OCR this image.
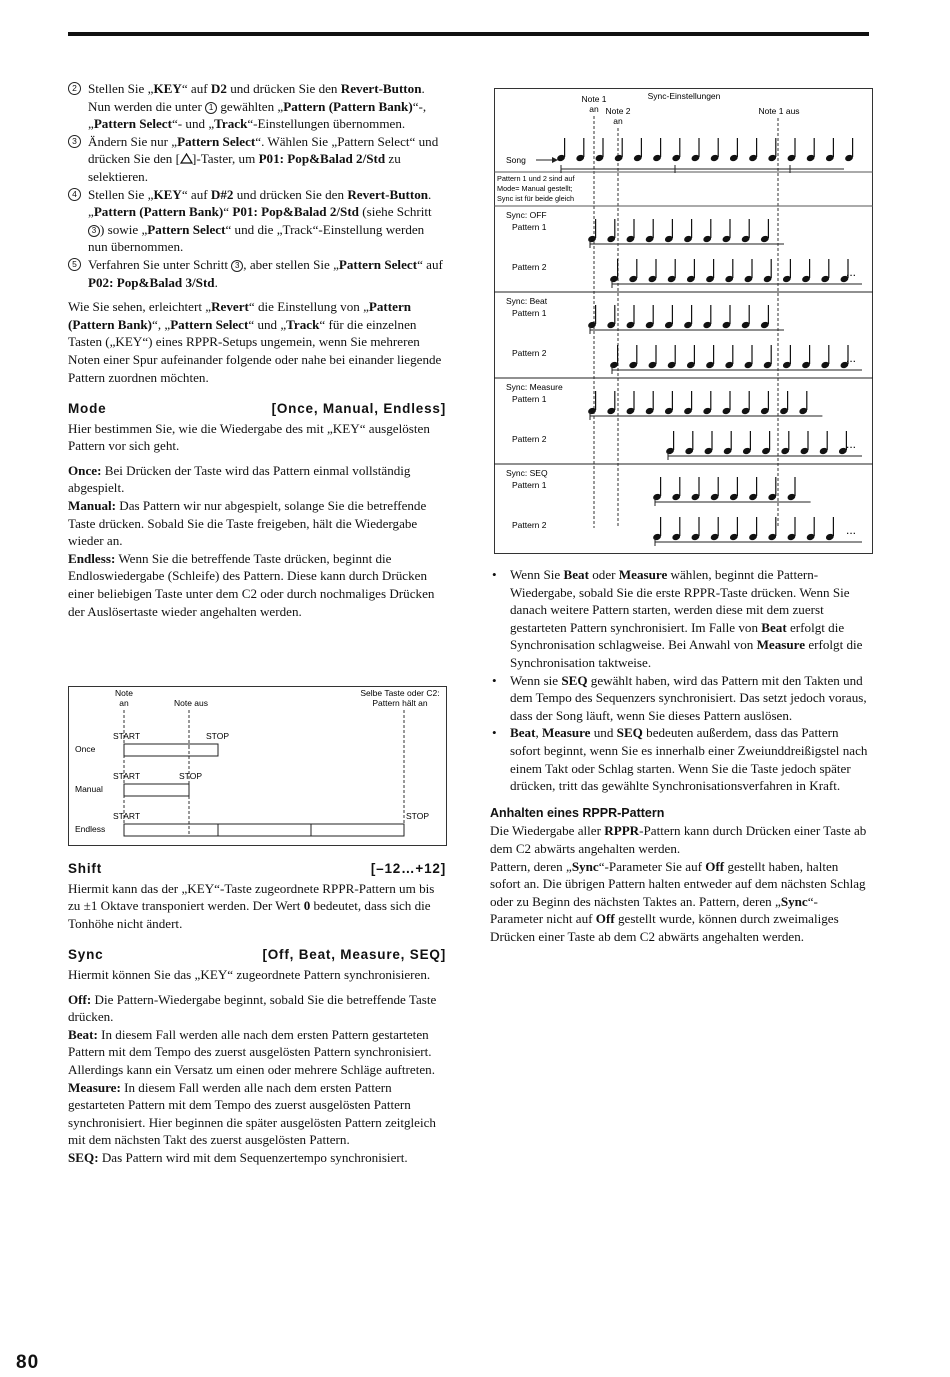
2 Stellen Sie „KEY“ auf D2 und drücken Sie den Revert-Button.

Nun werden die unter 1 gewählten „Pattern (Pattern Bank)“-, „Pattern Select“- und „Track“-Einstellungen übernommen.

3 Ändern Sie nur „Pattern Select“. Wählen Sie „Pattern Select“ und drücken Sie den [ ]-Taster, um P01: Pop&Balad 2/Std zu selektieren.

4 Stellen Sie „KEY“ auf D#2 und drücken Sie den Revert-Button.

„Pattern (Pattern Bank)“ P01: Pop&Balad 2/Std (siehe Schritt 3 ) sowie „Pattern Select“ und die „Track“-Einstellung werden nun übernommen.

5 Verfahren Sie unter Schritt 3 , aber stellen Sie „Pattern Select“ auf P02: Pop&Balad 3/Std.

Wie Sie sehen, erleichtert „Revert“ die Einstellung von „Pattern (Pattern Bank)“, „Pattern Select“ und „Track“ für die einzelnen Tasten („KEY“) eines RPPR-Setups ungemein, wenn Sie mehreren Noten einer Spur aufeinander folgende oder nahe bei einander liegende Pattern zuordnen möchten.

Mode	[Once, Manual, Endless]

Hier bestimmen Sie, wie die Wiedergabe des mit „KEY“ ausgelösten Pattern vor sich geht.

Once: Bei Drücken der Taste wird das Pattern einmal vollständig abgespielt.

Manual: Das Pattern wir nur abgespielt, solange Sie die betreffende Taste drücken. Sobald Sie die Taste freigeben, hält die Wiedergabe wieder an.

Endless: Wenn Sie die betreffende Taste drücken, beginnt die Endloswiedergabe (Schleife) des Pattern. Diese kann durch Drücken einer beliebigen Taste unter dem C2 oder durch nochmaliges Drücken der Auslösertaste wieder angehalten werden.

Note
an	Note aus
Selbe Taste oder C2:
Pattern hält an
Once
START	STOP
Manual
START	STOP
Endless
START	STOP
Shift	[–12…+12]

Hiermit kann das der „KEY“-Taste zugeordnete RPPR-Pattern um bis zu ±1 Oktave transponiert werden. Der Wert 0 bedeutet, dass sich die Tonhöhe nicht ändert.

Sync	[Off, Beat, Measure, SEQ]

Hiermit können Sie das „KEY“ zugeordnete Pattern synchronisieren.

Off: Die Pattern-Wiedergabe beginnt, sobald Sie die betreffende Taste drücken.

Beat: In diesem Fall werden alle nach dem ersten Pattern gestarteten Pattern mit dem Tempo des zuerst ausgelösten Pattern synchronisiert. Allerdings kann ein Versatz um einen oder mehrere Schläge auftreten.

Measure: In diesem Fall werden alle nach dem ersten Pattern gestarteten Pattern mit dem Tempo des zuerst ausgelösten Pattern synchronisiert. Hier beginnen die später ausgelösten Pattern zeitgleich mit dem nächsten Takt des zuerst ausgelösten Pattern.

SEQ: Das Pattern wird mit dem Sequenzertempo synchronisiert.

Note 1
an Note 2
an
Sync-Einstellungen
Note 1 aus
Song
Pattern 1 und 2 sind auf
Mode= Manual gestellt;
Sync ist für beide gleich
Sync: OFF
Pattern 1
Pattern 2	...
Sync: Beat
Pattern 1
Pattern 2	...
Sync: Measure
Pattern 1
Pattern 2	...
Sync: SEQ
Pattern 1
Pattern 2	...
• Wenn Sie Beat oder Measure wählen, beginnt die Pattern-Wiedergabe, sobald Sie die erste RPPR-Taste drücken. Wenn Sie danach weitere Pattern starten, werden diese mit dem zuerst gestarteten Pattern synchronisiert. Im Falle von Beat erfolgt die Synchronisation schlagweise. Bei Anwahl von Measure erfolgt die Synchronisation taktweise.

• Wenn sie SEQ gewählt haben, wird das Pattern mit den Takten und dem Tempo des Sequenzers synchronisiert. Das setzt jedoch voraus, dass der Song läuft, wenn Sie dieses Pattern auslösen.

• Beat, Measure und SEQ bedeuten außerdem, dass das Pattern sofort beginnt, wenn Sie es innerhalb einer Zweiunddreißigstel nach einem Takt oder Schlag starten. Wenn Sie die Taste jedoch später drücken, tritt das gewählte Synchronisationsverfahren in Kraft.

Anhalten eines RPPR-Pattern

Die Wiedergabe aller RPPR-Pattern kann durch Drücken einer Taste ab dem C2 abwärts angehalten werden.

Pattern, deren „Sync“-Parameter Sie auf Off gestellt haben, halten sofort an. Die übrigen Pattern halten entweder auf dem nächsten Schlag oder zu Beginn des nächsten Taktes an. Pattern, deren „Sync“-Parameter nicht auf Off gestellt wurde, können durch zweimaliges Drücken einer Taste ab dem C2 abwärts angehalten werden.

80
